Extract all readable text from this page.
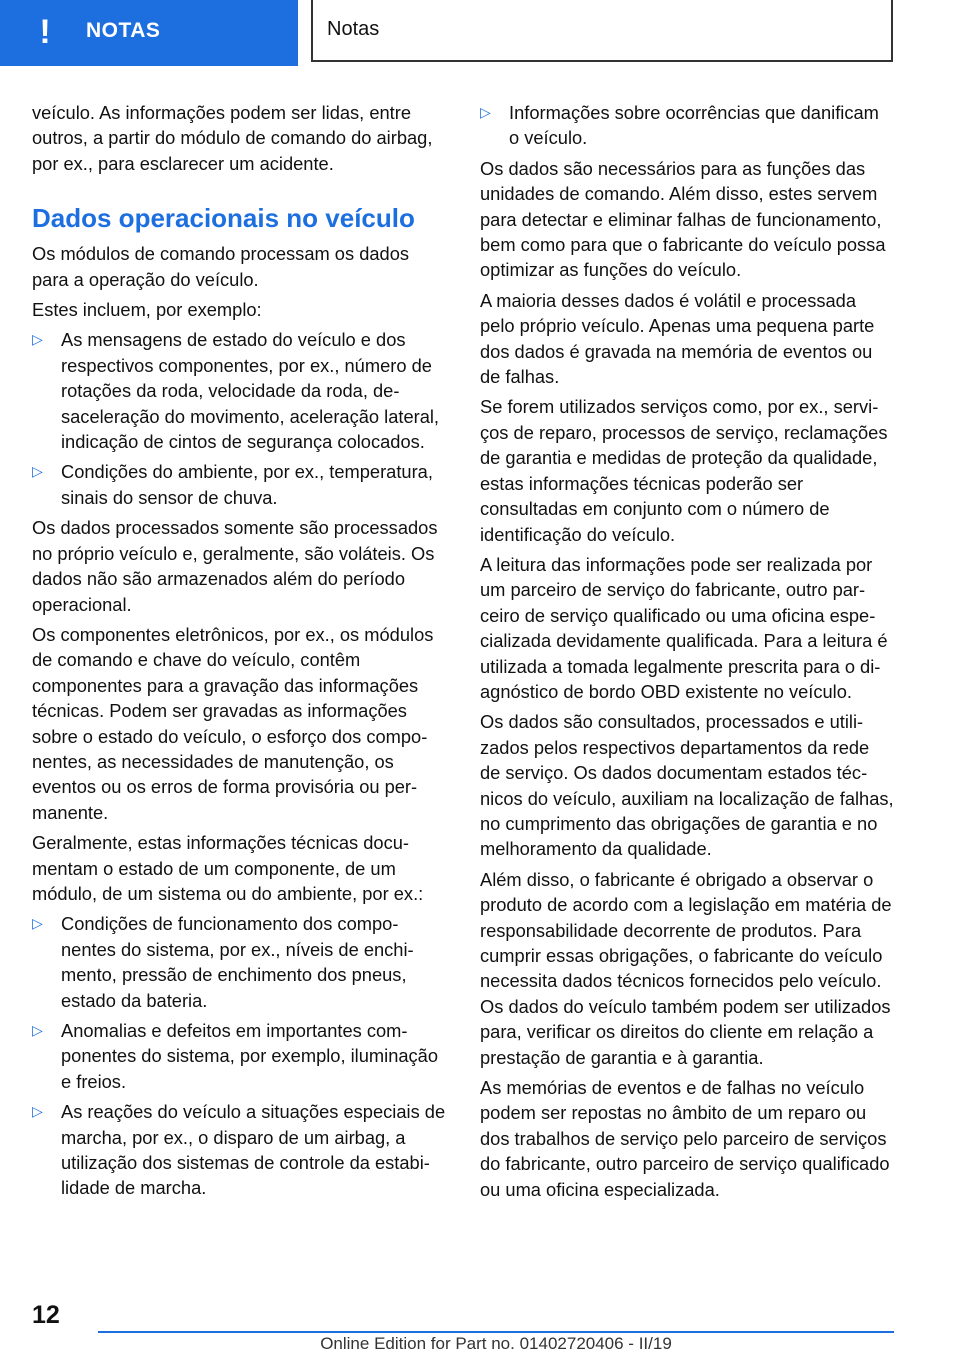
!	NOTAS	Notas

veículo. As informações podem ser lidas, entre outros, a partir do módulo de comando do airbag, por ex., para esclarecer um acidente.

Dados operacionais no veículo

Os módulos de comando processam os dados para a operação do veículo.

Estes incluem, por exemplo:

▷ As mensagens de estado do veículo e dos respectivos componentes, por ex., número de rotações da roda, velocidade da roda, desaceleração do movimento, aceleração lateral, indicação de cintos de segurança colocados.
▷ Condições do ambiente, por ex., temperatura, sinais do sensor de chuva.

Os dados processados somente são processados no próprio veículo e, geralmente, são voláteis. Os dados não são armazenados além do período operacional.

Os componentes eletrônicos, por ex., os módulos de comando e chave do veículo, contêm componentes para a gravação das informações técnicas. Podem ser gravadas as informações sobre o estado do veículo, o esforço dos componentes, as necessidades de manutenção, os eventos ou os erros de forma provisória ou permanente.

Geralmente, estas informações técnicas documentam o estado de um componente, de um módulo, de um sistema ou do ambiente, por ex.:

▷ Condições de funcionamento dos componentes do sistema, por ex., níveis de enchimento, pressão de enchimento dos pneus, estado da bateria.
▷ Anomalias e defeitos em importantes componentes do sistema, por exemplo, iluminação e freios.
▷ As reações do veículo a situações especiais de marcha, por ex., o disparo de um airbag, a utilização dos sistemas de controle da estabilidade de marcha.
▷ Informações sobre ocorrências que danificam o veículo.

Os dados são necessários para as funções das unidades de comando. Além disso, estes servem para detectar e eliminar falhas de funcionamento, bem como para que o fabricante do veículo possa optimizar as funções do veículo.

A maioria desses dados é volátil e processada pelo próprio veículo. Apenas uma pequena parte dos dados é gravada na memória de eventos ou de falhas.

Se forem utilizados serviços como, por ex., serviços de reparo, processos de serviço, reclamações de garantia e medidas de proteção da qualidade, estas informações técnicas poderão ser consultadas em conjunto com o número de identificação do veículo.

A leitura das informações pode ser realizada por um parceiro de serviço do fabricante, outro parceiro de serviço qualificado ou uma oficina especializada devidamente qualificada. Para a leitura é utilizada a tomada legalmente prescrita para o diagnóstico de bordo OBD existente no veículo.

Os dados são consultados, processados e utilizados pelos respectivos departamentos da rede de serviço. Os dados documentam estados técnicos do veículo, auxiliam na localização de falhas, no cumprimento das obrigações de garantia e no melhoramento da qualidade.

Além disso, o fabricante é obrigado a observar o produto de acordo com a legislação em matéria de responsabilidade decorrente de produtos. Para cumprir essas obrigações, o fabricante do veículo necessita dados técnicos fornecidos pelo veículo. Os dados do veículo também podem ser utilizados para, verificar os direitos do cliente em relação a prestação de garantia e à garantia.

As memórias de eventos e de falhas no veículo podem ser repostas no âmbito de um reparo ou dos trabalhos de serviço pelo parceiro de serviços do fabricante, outro parceiro de serviço qualificado ou uma oficina especializada.

12
Online Edition for Part no. 01402720406 - II/19
